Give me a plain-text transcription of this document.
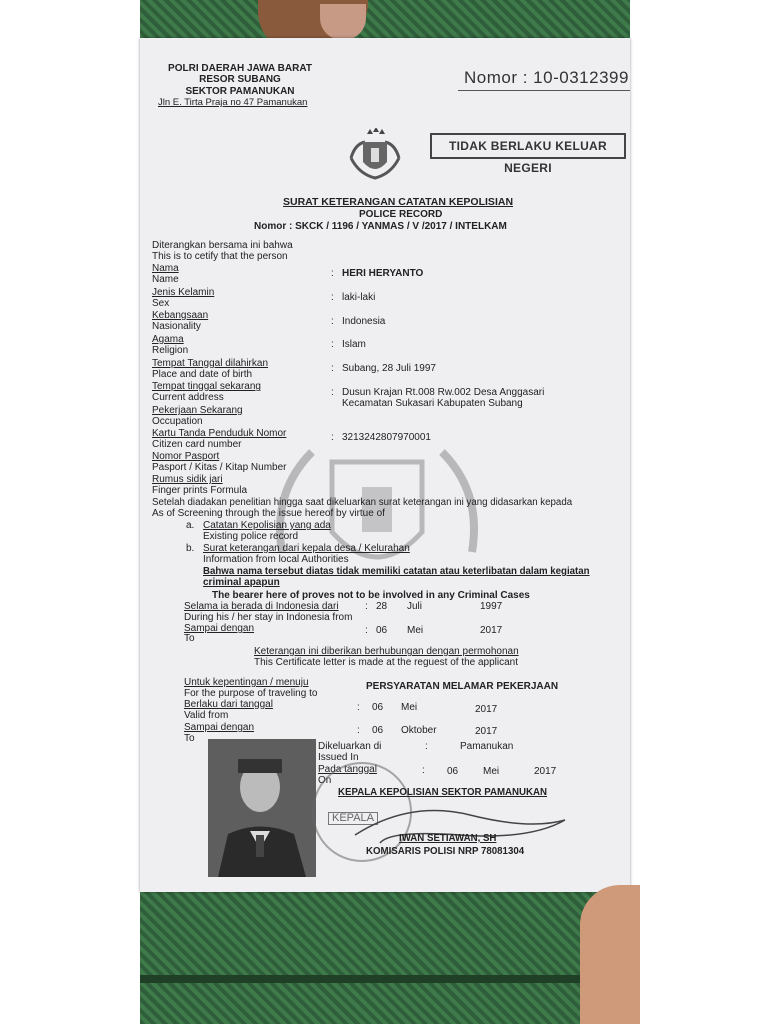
POLRI DAERAH JAWA BARAT
RESOR SUBANG
SEKTOR PAMANUKAN
Jln E. Tirta Praja no 47 Pamanukan
Nomor : 10-0312399
TIDAK BERLAKU KELUAR NEGERI
SURAT KETERANGAN CATATAN KEPOLISIAN
POLICE RECORD
Nomor : SKCK / 1196 / YANMAS / V /2017 / INTELKAM
Diterangkan bersama ini bahwa
This is to cetify that the person
Nama
Name
: HERI HERYANTO
Jenis Kelamin
Sex
: laki-laki
Kebangsaan
Nasionality	: Indonesia
Agama
Religion
: Islam
Tempat Tanggal dilahirkan
Place and date of birth
: Subang, 28 Juli 1997
Tempat tinggal sekarang
Current address	: Dusun Krajan Rt.008 Rw.002 Desa Anggasari
Kecamatan Sukasari Kabupaten Subang
Pekerjaan Sekarang
Occupation
Kartu Tanda Penduduk Nomor
Citizen card number
: 3213242807970001
Nomor Pasport
Pasport / Kitas / Kitap Number
Rumus sidik jari
Finger prints Formula
Setelah diadakan penelitian hingga saat dikeluarkan surat keterangan ini yang didasarkan kepada
As of Screening through the issue hereof by virtue of
a. Catatan Kepolisian yang ada
Existing police record
b. Surat keterangan dari kepala desa / Kelurahan
Information from local Authorities
Bahwa nama tersebut diatas tidak memiliki catatan atau keterlibatan dalam kegiatan
criminal apapun
The bearer here of proves not to be involved in any Criminal Cases
Selama ia berada di Indonesia dari
During his / her stay in Indonesia from
: 28 Juli	1997
Sampai dengan
To
: 06 Mei	2017
Keterangan ini diberikan berhubungan dengan permohonan
This Certificate letter is made at the reguest of the applicant
Untuk kepentingan / menuju
For the purpose of traveling to
PERSYARATAN MELAMAR PEKERJAAN
Berlaku dari tanggal
Valid from
: 06 Mei	2017
Sampai dengan
To
: 06 Oktober	2017
Dikeluarkan di
Issued In
:	Pamanukan
Pada tanggal
On
: 06 Mei	2017
KEPALA KEPOLISIAN SEKTOR PAMANUKAN
KEPALA
IWAN SETIAWAN, SH
KOMISARIS POLISI NRP 78081304
